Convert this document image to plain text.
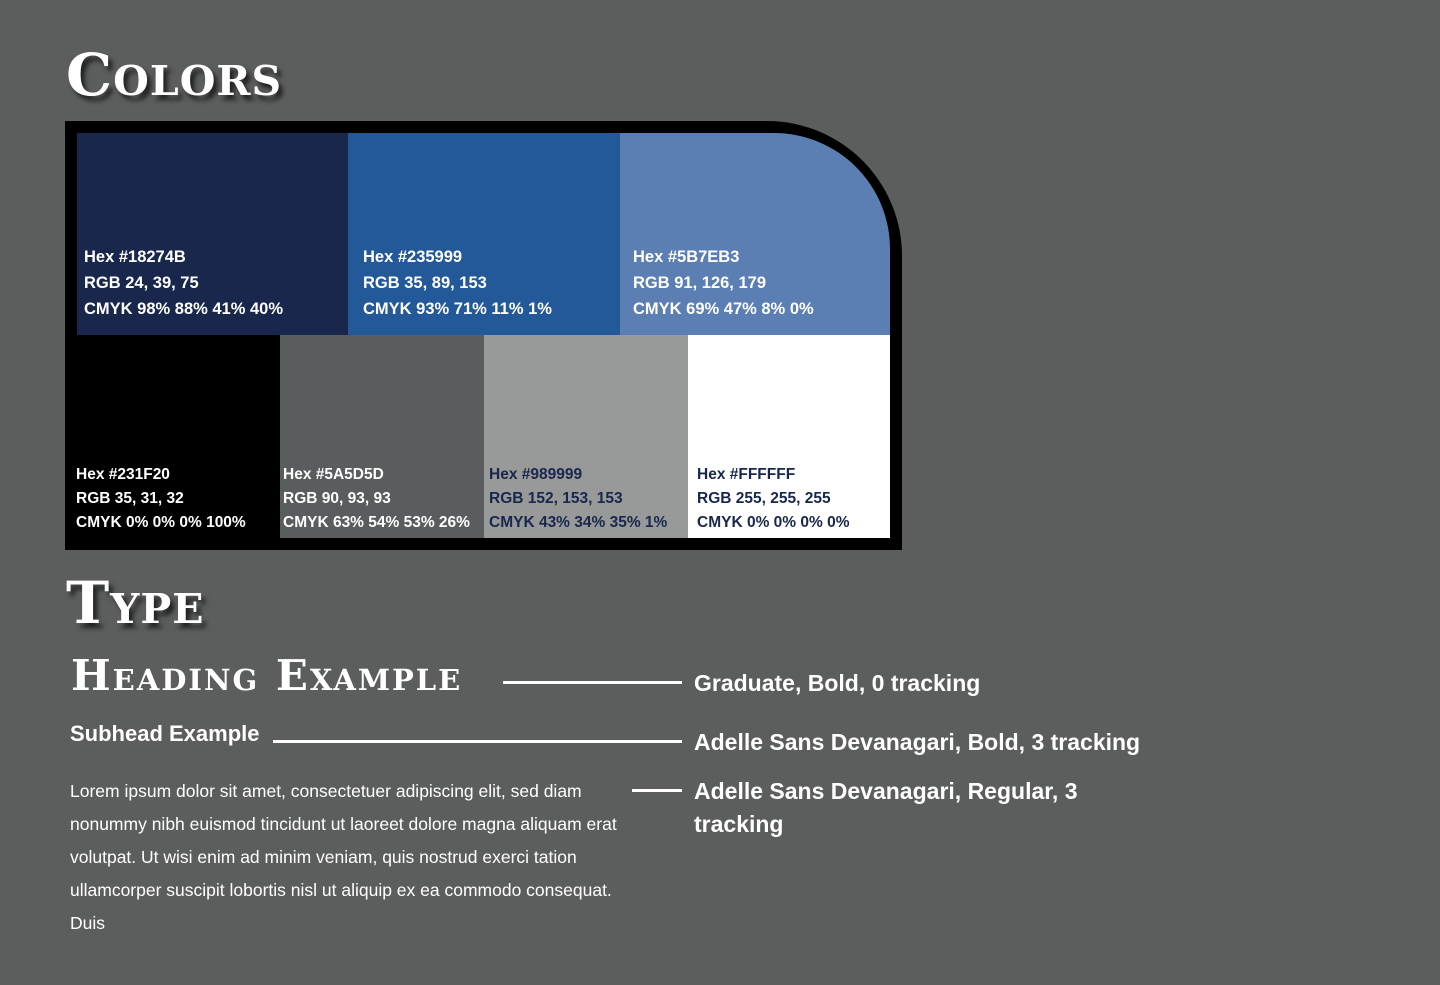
Colors
Hex #18274B
RGB 24, 39, 75
CMYK 98% 88% 41% 40%
Hex #235999
RGB 35, 89, 153
CMYK 93% 71% 11% 1%
Hex #5B7EB3
RGB 91, 126, 179
CMYK 69% 47% 8% 0%
Hex #231F20
RGB 35, 31, 32
CMYK 0% 0% 0% 100%
Hex #5A5D5D
RGB 90, 93, 93
CMYK 63% 54% 53% 26%
Hex #989999
RGB 152, 153, 153
CMYK 43% 34% 35% 1%
Hex #FFFFFF
RGB 255, 255, 255
CMYK 0% 0% 0% 0%
Type
Heading Example	Graduate, Bold, 0 tracking

Subhead Example	Adelle Sans Devanagari, Bold, 3 tracking

Lorem ipsum dolor sit amet, consectetuer adipiscing elit, sed diam nonummy nibh euismod tincidunt ut laoreet dolore magna aliquam erat volutpat. Ut wisi enim ad minim veniam, quis nostrud exerci tation ullamcorper suscipit lobortis nisl ut aliquip ex ea commodo consequat. Duis

Adelle Sans Devanagari, Regular, 3 tracking
